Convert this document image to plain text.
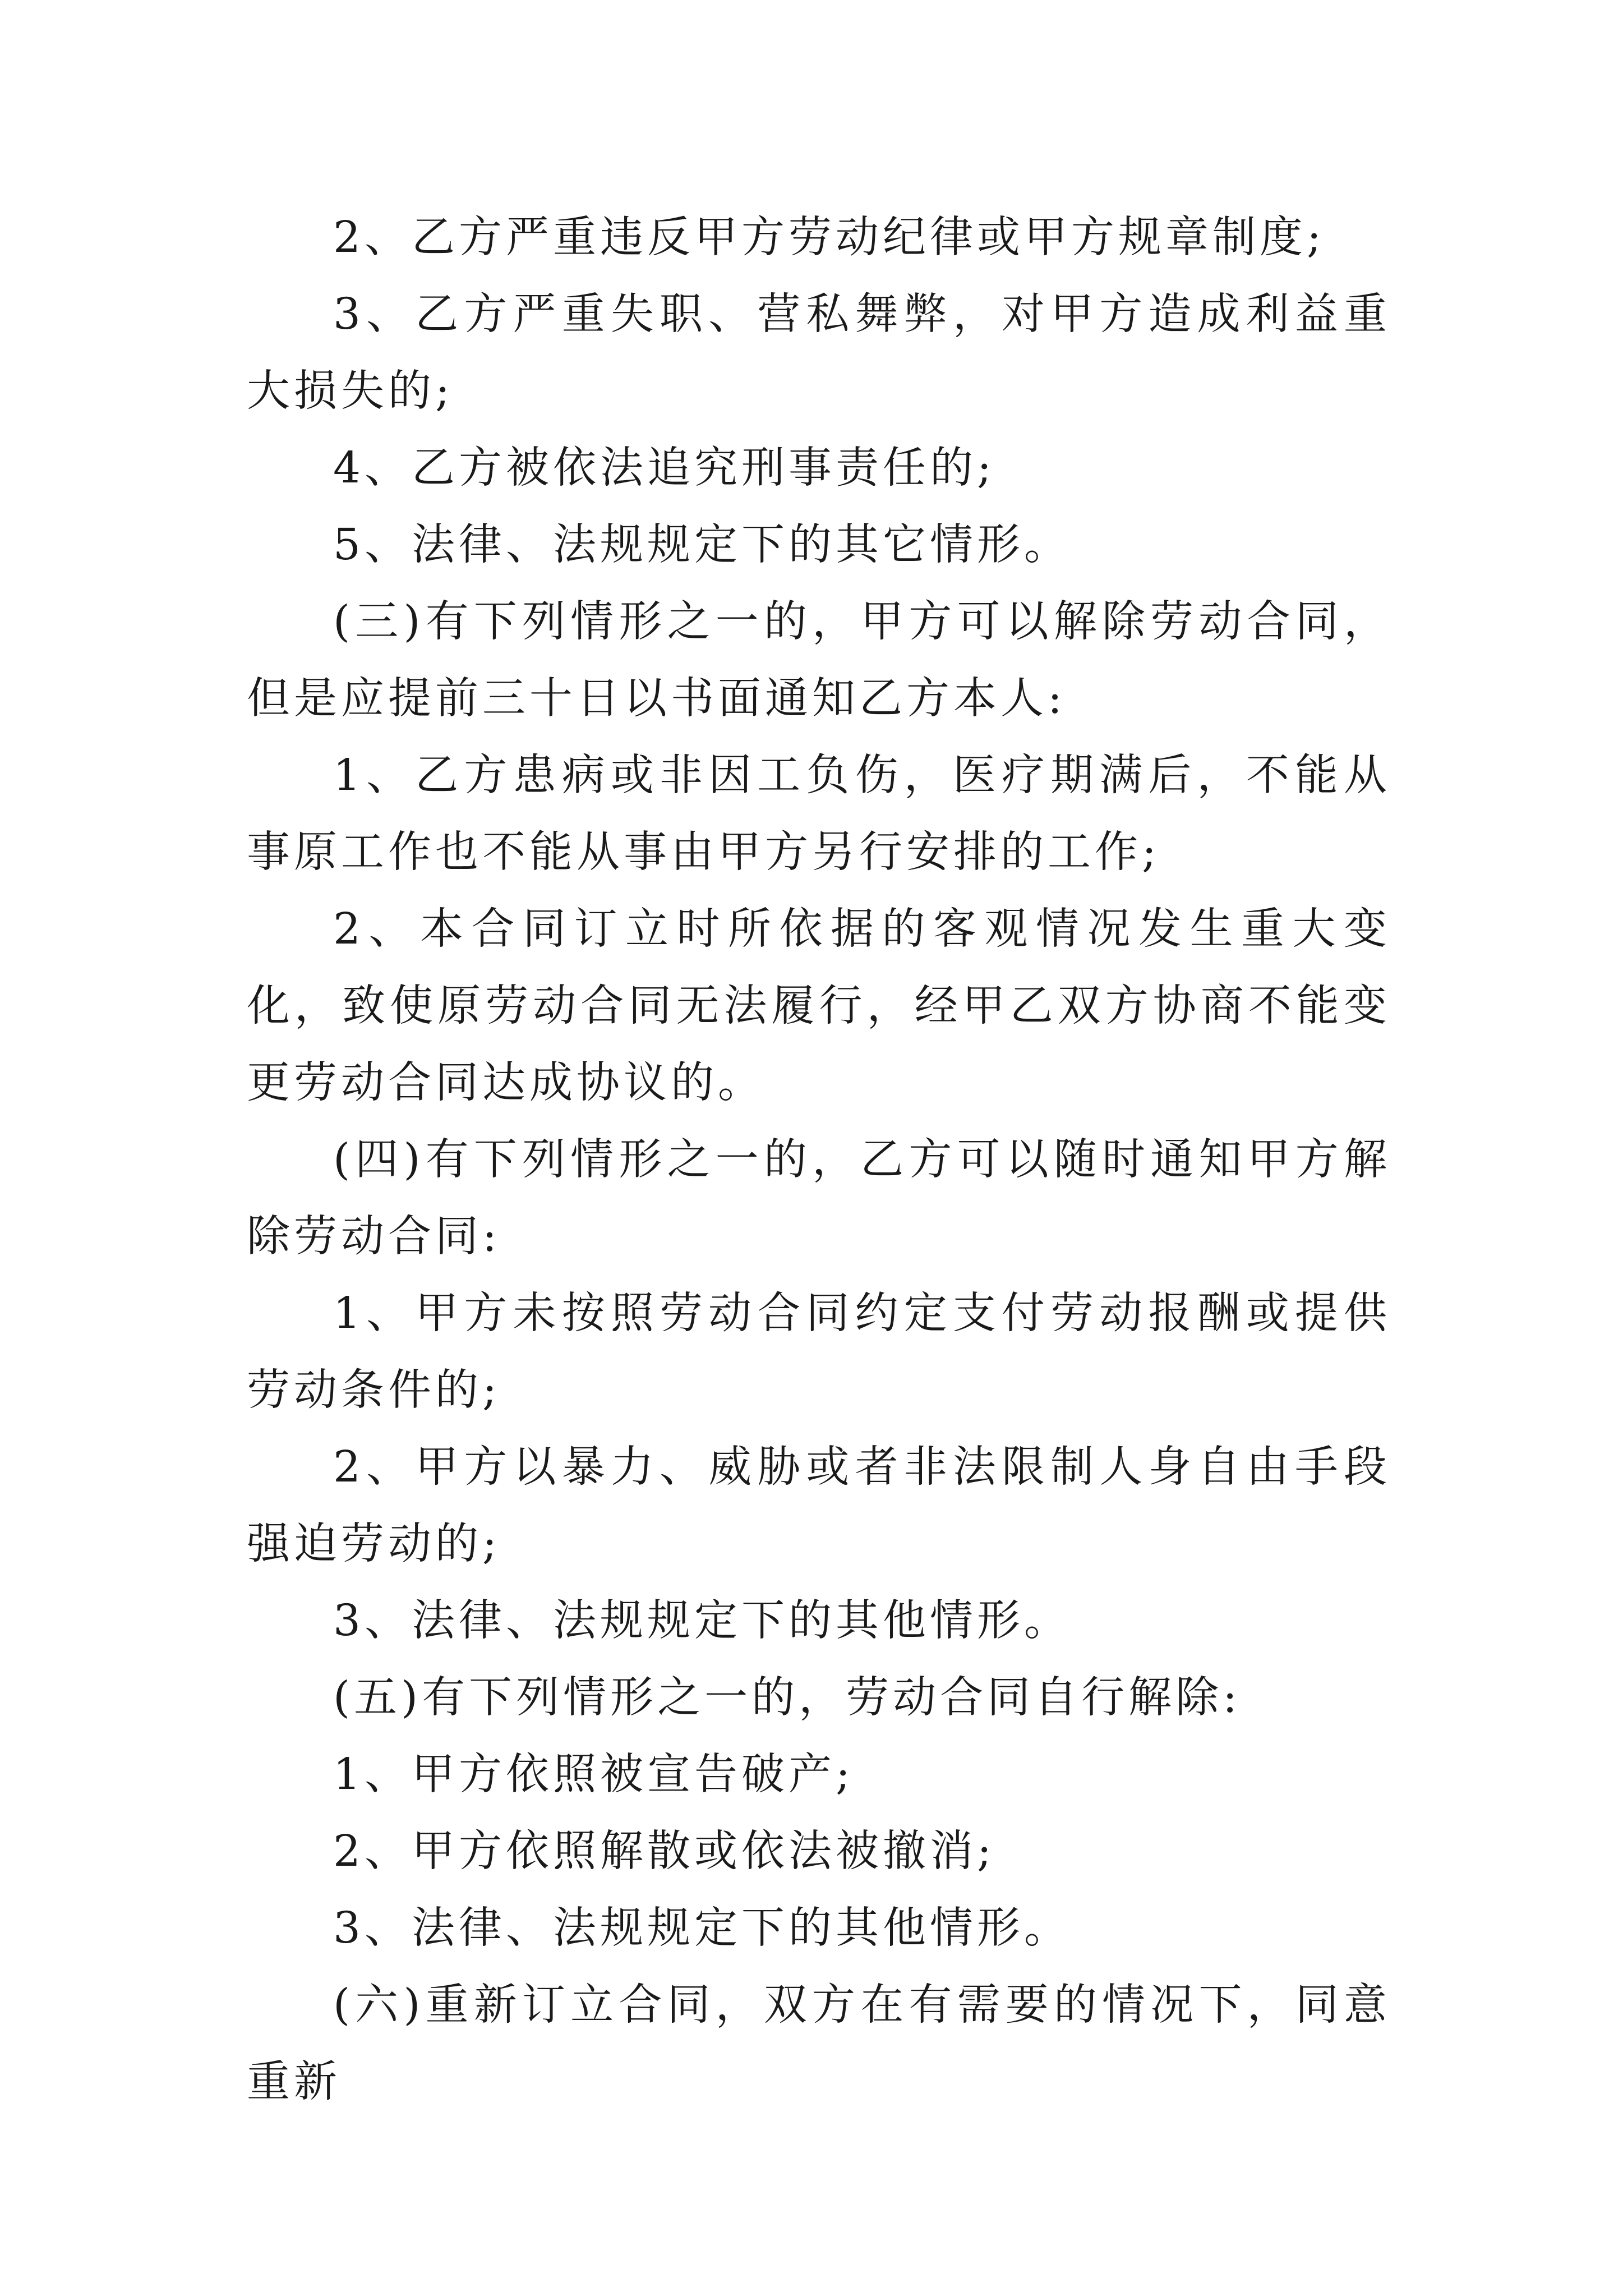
2、乙方严重违反甲方劳动纪律或甲方规章制度;

3、乙方严重失职、营私舞弊，对甲方造成利益重大损失的;

4、乙方被依法追究刑事责任的;

5、法律、法规规定下的其它情形。

(三)有下列情形之一的，甲方可以解除劳动合同，但是应提前三十日以书面通知乙方本人:

1、乙方患病或非因工负伤，医疗期满后，不能从事原工作也不能从事由甲方另行安排的工作;

2、本合同订立时所依据的客观情况发生重大变化，致使原劳动合同无法履行，经甲乙双方协商不能变更劳动合同达成协议的。

(四)有下列情形之一的，乙方可以随时通知甲方解除劳动合同:

1、甲方未按照劳动合同约定支付劳动报酬或提供劳动条件的;

2、甲方以暴力、威胁或者非法限制人身自由手段强迫劳动的;

3、法律、法规规定下的其他情形。

(五)有下列情形之一的，劳动合同自行解除:

1、甲方依照被宣告破产;

2、甲方依照解散或依法被撤消;

3、法律、法规规定下的其他情形。

(六)重新订立合同，双方在有需要的情况下，同意重新
